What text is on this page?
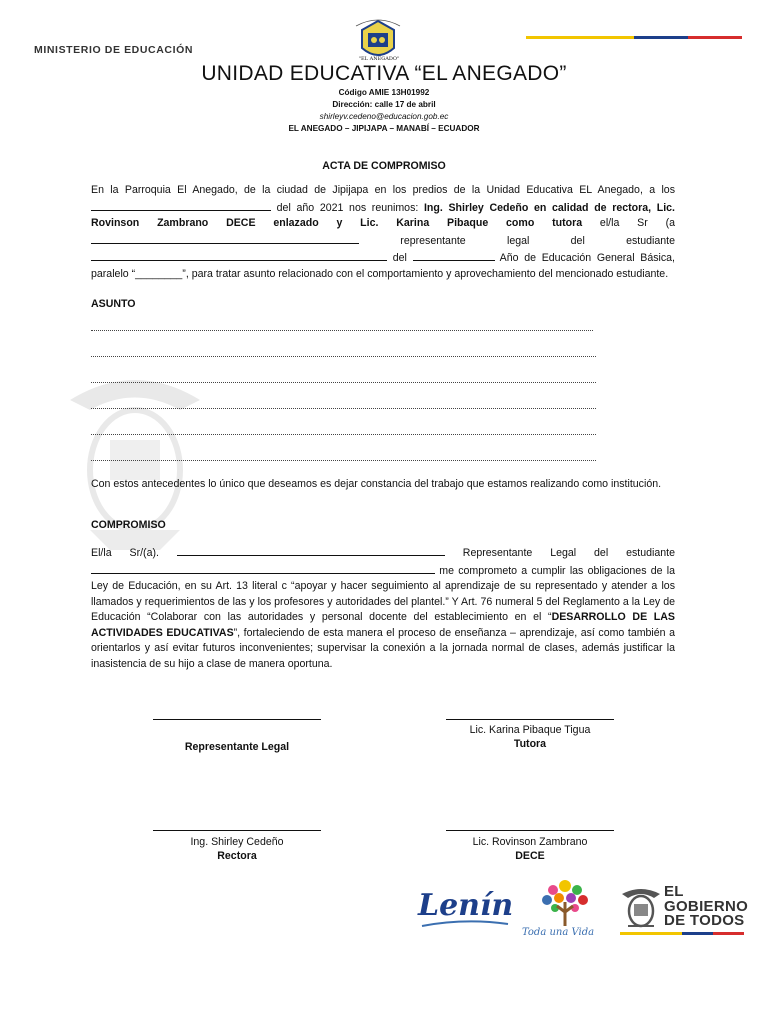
MINISTERIO DE EDUCACIÓN
"EL ANEGADO"
UNIDAD EDUCATIVA “EL ANEGADO”
Código AMIE 13H01992
Dirección: calle 17 de abril
shirleyv.cedeno@educacion.gob.ec
EL ANEGADO – JIPIJAPA – MANABÍ – ECUADOR
ACTA DE COMPROMISO
En la Parroquia El Anegado, de la ciudad de Jipijapa en los predios de la Unidad Educativa EL Anegado, a los  del año 2021 nos reunimos: Ing. Shirley Cedeño en calidad de rectora, Lic. Rovinson Zambrano DECE enlazado y Lic. Karina Pibaque como tutora el/la Sr (a  representante legal del estudiante  del	Año de Educación General Básica, paralelo “________”, para tratar asunto relacionado con el comportamiento y aprovechamiento del mencionado estudiante.
ASUNTO
Con estos antecedentes lo único que deseamos es dejar constancia del trabajo que estamos realizando como institución.
COMPROMISO
El/la Sr/(a).	Representante Legal del estudiante  me comprometo a cumplir las obligaciones de la Ley de Educación, en su Art. 13 literal c “apoyar y hacer seguimiento al aprendizaje de su representado y atender a los llamados y requerimientos de las y los profesores y autoridades del plantel.” Y Art. 76 numeral 5 del Reglamento a la Ley de Educación “Colaborar con las autoridades y personal docente del establecimiento en el “DESARROLLO DE LAS ACTIVIDADES EDUCATIVAS”, fortaleciendo de esta manera el proceso de enseñanza – aprendizaje, así como también a orientarlos y así evitar futuros inconvenientes; supervisar la conexión a la jornada normal de clases, además justificar la inasistencia de su hijo a clase de manera oportuna.
Representante Legal
Lic. Karina Pibaque Tigua
Tutora
Ing. Shirley Cedeño
Rectora
Lic. Rovinson Zambrano
DECE
Lenín
Toda una Vida
EL
GOBIERNO
DE TODOS
